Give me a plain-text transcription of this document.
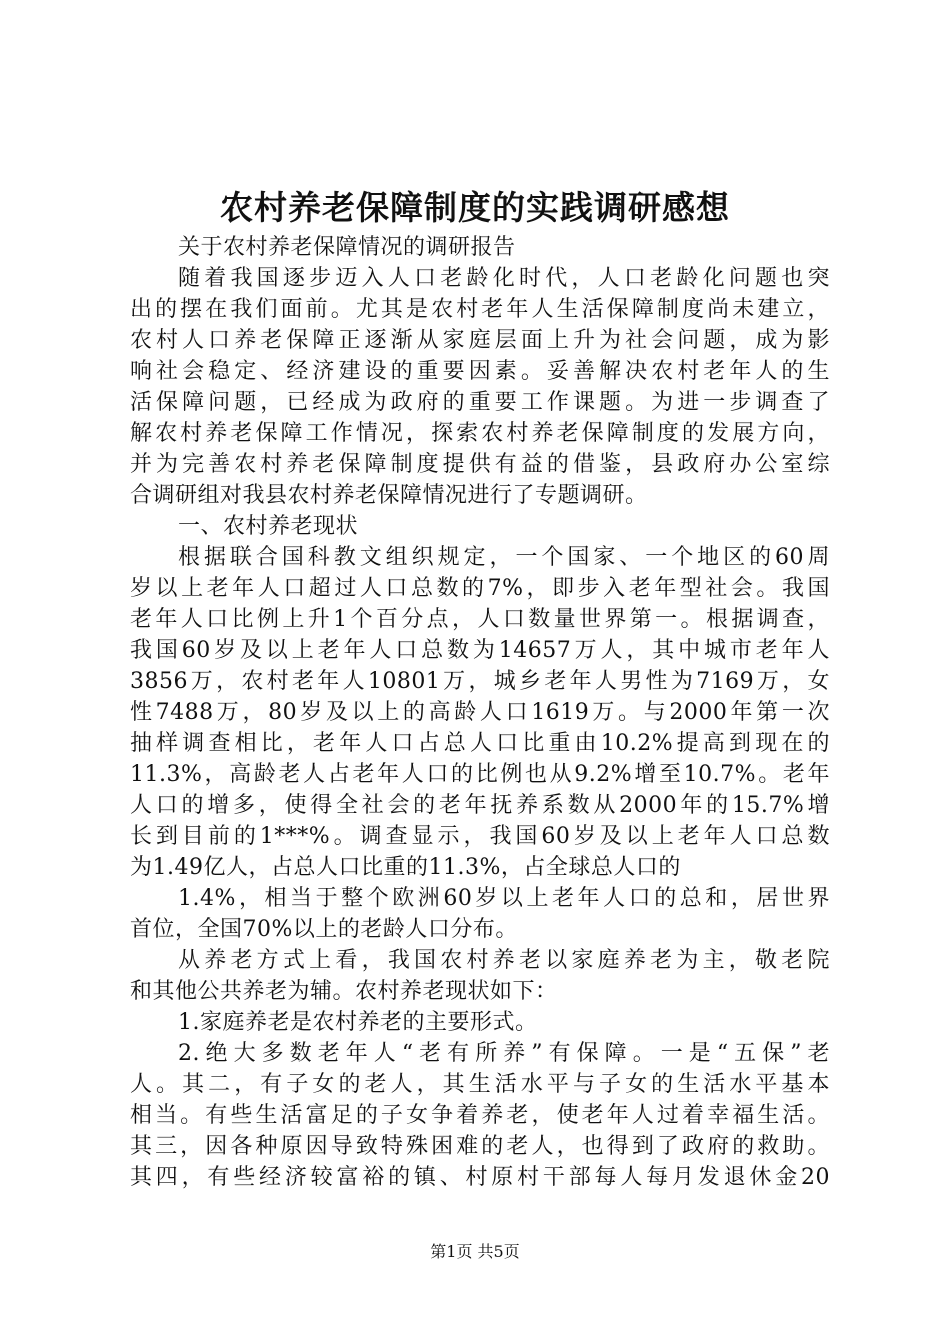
农村养老保障制度的实践调研感想
关于农村养老保障情况的调研报告
随着我国逐步迈入人口老龄化时代，人口老龄化问题也突
出的摆在我们面前。尤其是农村老年人生活保障制度尚未建立，
农村人口养老保障正逐渐从家庭层面上升为社会问题，成为影
响社会稳定、经济建设的重要因素。妥善解决农村老年人的生
活保障问题，已经成为政府的重要工作课题。为进一步调查了
解农村养老保障工作情况，探索农村养老保障制度的发展方向，
并为完善农村养老保障制度提供有益的借鉴，县政府办公室综
合调研组对我县农村养老保障情况进行了专题调研。
一、农村养老现状
根据联合国科教文组织规定，一个国家、一个地区的60周
岁以上老年人口超过人口总数的7%，即步入老年型社会。我国
老年人口比例上升1个百分点，人口数量世界第一。根据调查，
我国60岁及以上老年人口总数为14657万人，其中城市老年人
3856万，农村老年人10801万，城乡老年人男性为7169万，女
性7488万，80岁及以上的高龄人口1619万。与2000年第一次
抽样调查相比，老年人口占总人口比重由10.2%提高到现在的
11.3%，高龄老人占老年人口的比例也从9.2%增至10.7%。老年
人口的增多，使得全社会的老年抚养系数从2000年的15.7%增
长到目前的1***%。调查显示，我国60岁及以上老年人口总数
为1.49亿人，占总人口比重的11.3%，占全球总人口的
1.4%，相当于整个欧洲60岁以上老年人口的总和，居世界
首位，全国70%以上的老龄人口分布。
从养老方式上看，我国农村养老以家庭养老为主，敬老院
和其他公共养老为辅。农村养老现状如下：
1.家庭养老是农村养老的主要形式。
2.绝大多数老年人“老有所养”有保障。一是“五保”老
人。其二，有子女的老人，其生活水平与子女的生活水平基本
相当。有些生活富足的子女争着养老，使老年人过着幸福生活。
其三，因各种原因导致特殊困难的老人，也得到了政府的救助。
其四，有些经济较富裕的镇、村原村干部每人每月发退休金20
第1页 共5页
